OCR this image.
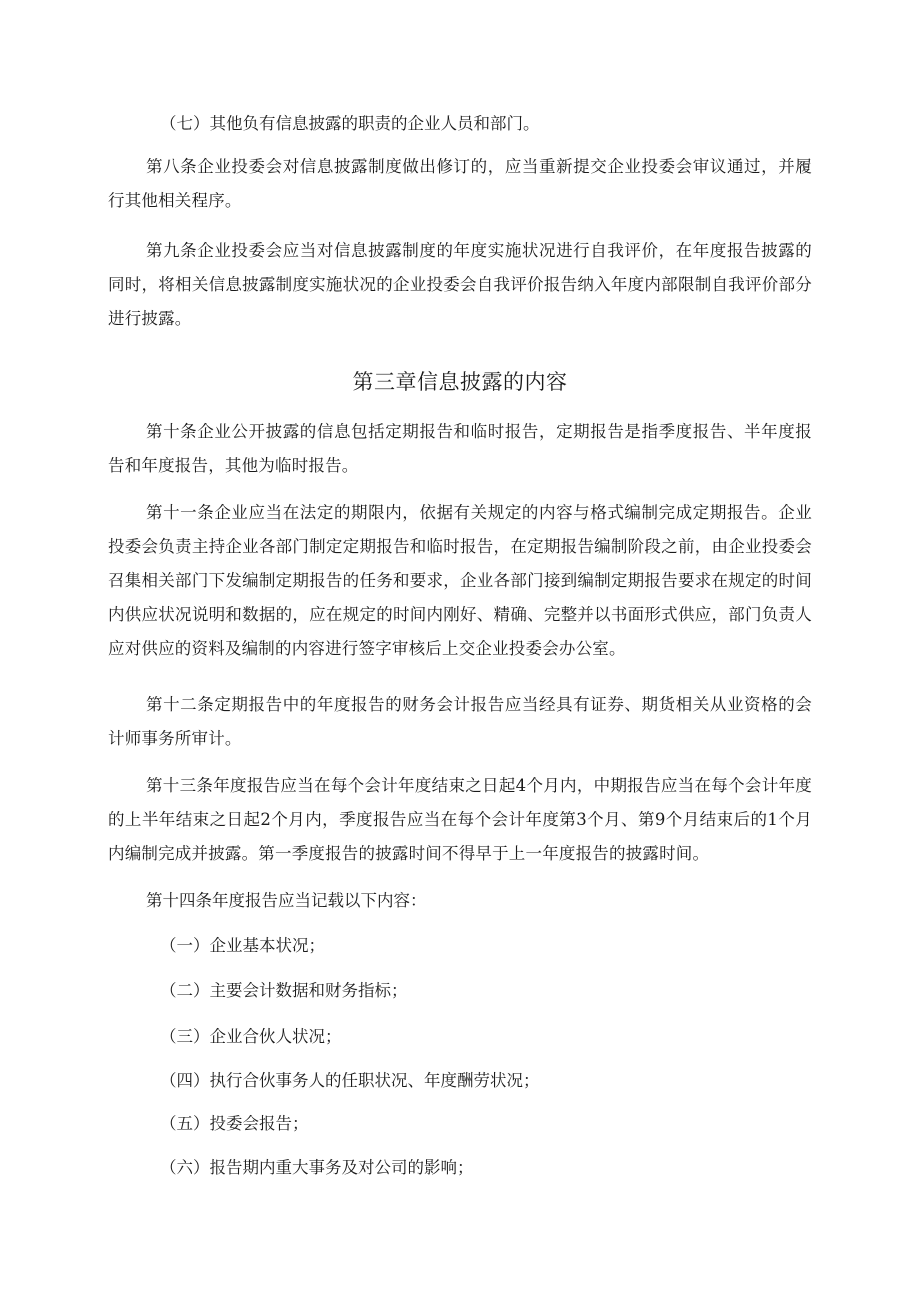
（七）其他负有信息披露的职责的企业人员和部门。

第八条企业投委会对信息披露制度做出修订的，应当重新提交企业投委会审议通过，并履行其他相关程序。

第九条企业投委会应当对信息披露制度的年度实施状况进行自我评价，在年度报告披露的同时，将相关信息披露制度实施状况的企业投委会自我评价报告纳入年度内部限制自我评价部分进行披露。

第三章信息披露的内容

第十条企业公开披露的信息包括定期报告和临时报告，定期报告是指季度报告、半年度报告和年度报告，其他为临时报告。

第十一条企业应当在法定的期限内，依据有关规定的内容与格式编制完成定期报告。企业投委会负责主持企业各部门制定定期报告和临时报告，在定期报告编制阶段之前，由企业投委会召集相关部门下发编制定期报告的任务和要求，企业各部门接到编制定期报告要求在规定的时间内供应状况说明和数据的，应在规定的时间内刚好、精确、完整并以书面形式供应，部门负责人应对供应的资料及编制的内容进行签字审核后上交企业投委会办公室。

第十二条定期报告中的年度报告的财务会计报告应当经具有证券、期货相关从业资格的会计师事务所审计。

第十三条年度报告应当在每个会计年度结束之日起4个月内，中期报告应当在每个会计年度的上半年结束之日起2个月内，季度报告应当在每个会计年度第3个月、第9个月结束后的1个月内编制完成并披露。第一季度报告的披露时间不得早于上一年度报告的披露时间。

第十四条年度报告应当记载以下内容：

（一）企业基本状况；

（二）主要会计数据和财务指标；

（三）企业合伙人状况；

（四）执行合伙事务人的任职状况、年度酬劳状况；

（五）投委会报告；

（六）报告期内重大事务及对公司的影响；
